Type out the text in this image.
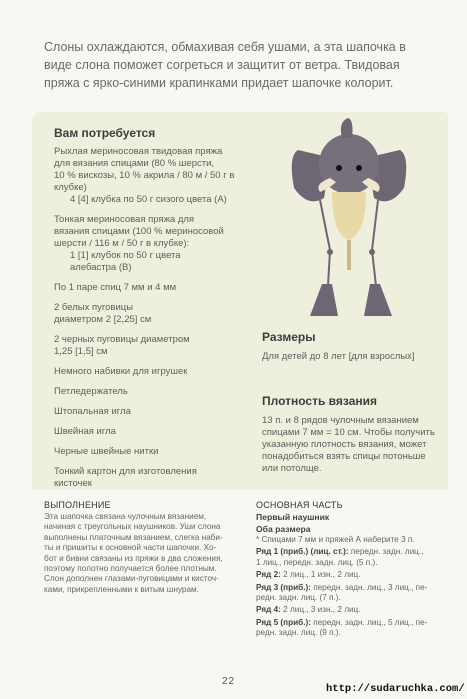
Слоны охлаждаются, обмахивая себя ушами, а эта шапочка в

виде слона поможет согреться и защитит от ветра. Твидовая

пряжа с ярко-синими крапинками придает шапочке колорит.

Вам потребуется

Рыхлая мериносовая твидовая пряжа
для вязания спицами (80 % шерсти,
10 % вискозы, 10 % акрила / 80 м / 50 г в
клубке)
4 [4] клубка по 50 г сизого цвета (А)
Тонкая мериносовая пряжа для
вязания спицами (100 % мериносовой
шерсти / 116 м / 50 г в клубке):
1 [1] клубок по 50 г цвета
алебастра (B)
По 1 паре спиц 7 мм и 4 мм
2 белых пуговицы
диаметром 2 [2,25] см
2 черных пуговицы диаметром
1,25 [1,5] см
Немного набивки для игрушек
Петледержатель
Штопальная игла
Швейная игла
Черные швейные нитки
Тонкий картон для изготовления
кисточек

Размеры

Для детей до 8 лет [для взрослых]

Плотность вязания

13 п. и 8 рядов чулочным вязанием

спицами 7 мм = 10 см. Чтобы получить

указанную плотность вязания, может

понадобиться взять спицы потоньше

или потолще.

ВЫПОЛНЕНИЕ

Эта шапочка связана чулочным вязанием,

начиная с треугольных наушников. Уши слона

выполнены платочным вязанием, слегка наби-

ты и пришиты к основной части шапочки. Хо-

бот и бивни связаны из пряжи в два сложения,

поэтому полотно получается более плотным.

Слон дополнен глазами-пуговицами и кисточ-

ками, прикрепленными к витым шнурам.

ОСНОВНАЯ ЧАСТЬ

Первый наушник

Оба размера

* Спицами 7 мм и пряжей А наберите 3 п.

Ряд 1 (приб.) (лиц. ст.): передн. задн. лиц.,
1 лиц., передн. задн. лиц. (5 п.).

Ряд 2: 2 лиц., 1 изн., 2 лиц.

Ряд 3 (приб.): передн. задн. лиц., 3 лиц., пе-
редн. задн. лиц. (7 п.).

Ряд 4: 2 лиц., 3 изн., 2 лиц.

Ряд 5 (приб.): передн. задн. лиц., 5 лиц., пе-
редн. задн. лиц. (9 п.).

22
http://sudaruchka.com/
